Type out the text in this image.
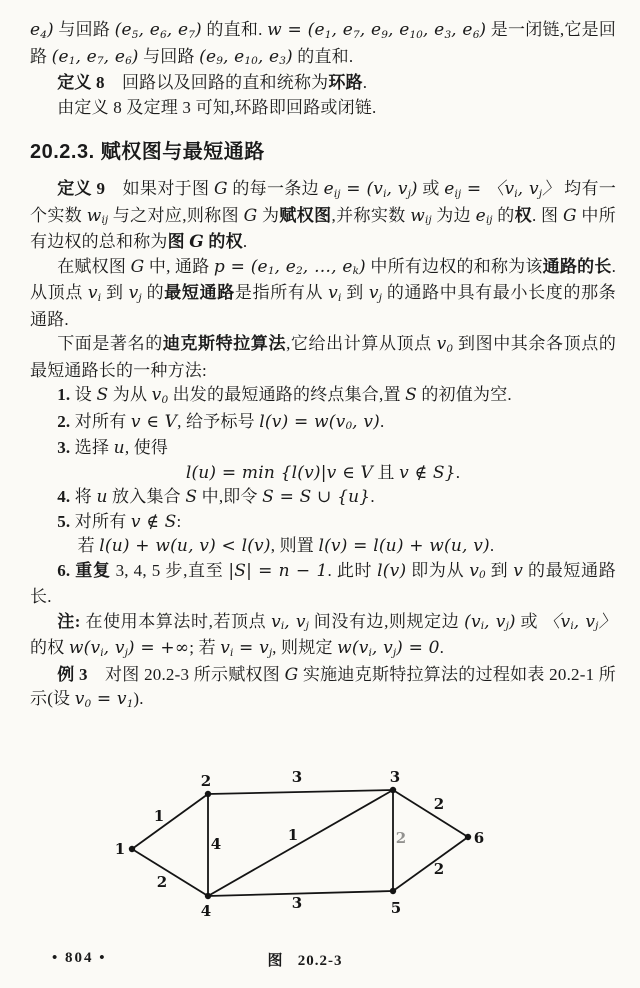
e4) 与回路 (e5, e6, e7) 的直和. w = (e1, e7, e9, e10, e3, e6) 是一闭链,它是回路 (e1, e7, e6) 与回路 (e9, e10, e3) 的直和.

定义 8　回路以及回路的直和统称为环路.

由定义 8 及定理 3 可知,环路即回路或闭链.

20.2.3. 赋权图与最短通路

定义 9　如果对于图 G 的每一条边 eij = (vi, vj) 或 eij = 〈vi, vj〉 均有一个实数 wij 与之对应,则称图 G 为赋权图,并称实数 wij 为边 eij 的权. 图 G 中所有边权的总和称为图 G 的权.

在赋权图 G 中, 通路 p = (e1, e2, …, ek) 中所有边权的和称为该通路的长. 从顶点 vi 到 vj 的最短通路是指所有从 vi 到 vj 的通路中具有最小长度的那条通路.

下面是著名的迪克斯特拉算法,它给出计算从顶点 v0 到图中其余各顶点的最短通路长的一种方法:

1. 设 S 为从 v0 出发的最短通路的终点集合,置 S 的初值为空.

2. 对所有 v ∈ V, 给予标号 l(v) = w(v0, v).

3. 选择 u, 使得

l(u) = min {l(v)|v ∈ V 且 v ∉ S}.

4. 将 u 放入集合 S 中,即令 S = S ∪ {u}.

5. 对所有 v ∉ S:

若 l(u) + w(u, v) < l(v), 则置 l(v) = l(u) + w(u, v).

6. 重复 3, 4, 5 步,直至 |S| = n − 1. 此时 l(v) 即为从 v0 到 v 的最短通路长.

注: 在使用本算法时,若顶点 vi, vj 间没有边,则规定边 (vi, vj) 或 〈vi, vj〉 的权 w(vi, vj) = +∞; 若 vi = vj, 则规定 w(vi, vj) = 0.

例 3　对图 20.2-3 所示赋权图 G 实施迪克斯特拉算法的过程如表 20.2-1 所示(设 v0 = v1).

1
2
3
4	1	2
2
3
2
1
2	3
4	5
6

图   20.2-3

• 804 •
